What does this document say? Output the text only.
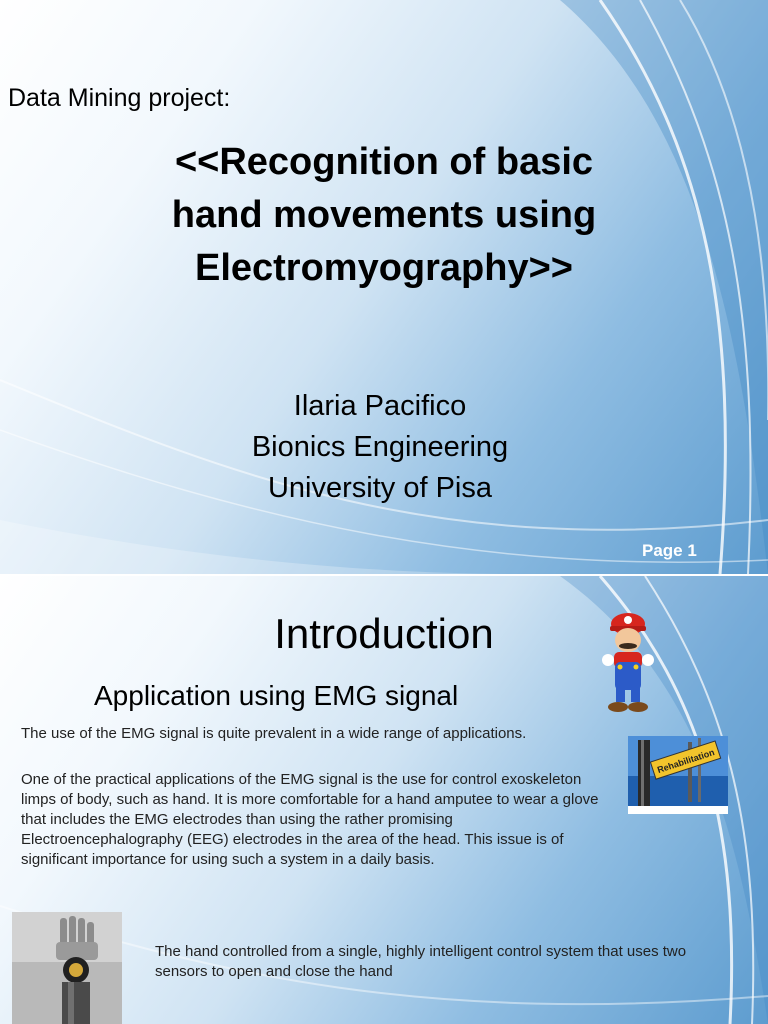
Data Mining project:
<<Recognition of basic
hand movements using
Electromyography>>
Ilaria Pacifico
Bionics Engineering
University of Pisa
Page 1
Introduction
Application using EMG signal
The use of the EMG signal is quite prevalent in a wide range of applications.
One of the practical applications of the EMG signal is the use for control exoskeleton limps of body, such as hand. It is more comfortable for a hand amputee to wear a glove that includes the EMG electrodes than using the rather promising Electroencephalography (EEG) electrodes in the area of the head. This issue is of significant importance for using such a system in a daily basis.
Rehabilitation
The hand controlled from a single, highly intelligent control system that uses two sensors to open and close the hand
